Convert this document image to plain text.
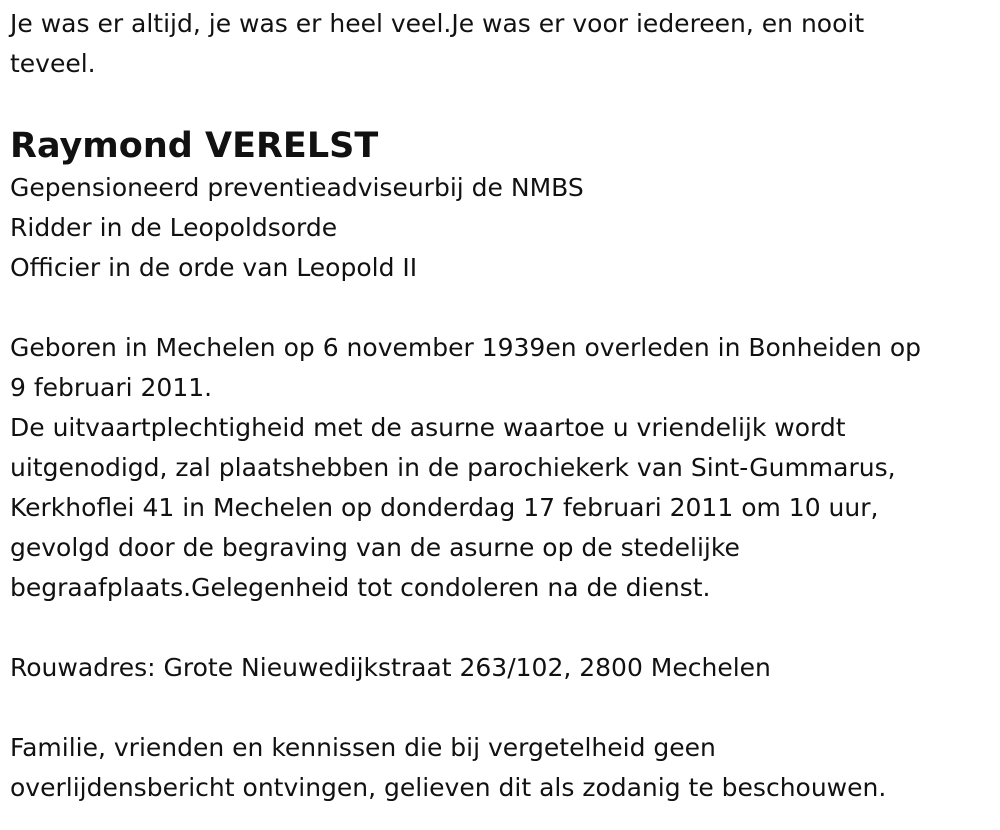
Je was er altijd, je was er heel veel.Je was er voor iedereen, en nooit

teveel.

Raymond VERELST

Gepensioneerd preventieadviseurbij de NMBS

Ridder in de Leopoldsorde

Officier in de orde van Leopold II

Geboren in Mechelen op 6 november 1939en overleden in Bonheiden op

9 februari 2011.

De uitvaartplechtigheid met de asurne waartoe u vriendelijk wordt

uitgenodigd, zal plaatshebben in de parochiekerk van Sint-Gummarus,

Kerkhoflei 41 in Mechelen op donderdag 17 februari 2011 om 10 uur,

gevolgd door de begraving van de asurne op de stedelijke

begraafplaats.Gelegenheid tot condoleren na de dienst.

Rouwadres: Grote Nieuwedijkstraat 263/102, 2800 Mechelen

Familie, vrienden en kennissen die bij vergetelheid geen

overlijdensbericht ontvingen, gelieven dit als zodanig te beschouwen.
